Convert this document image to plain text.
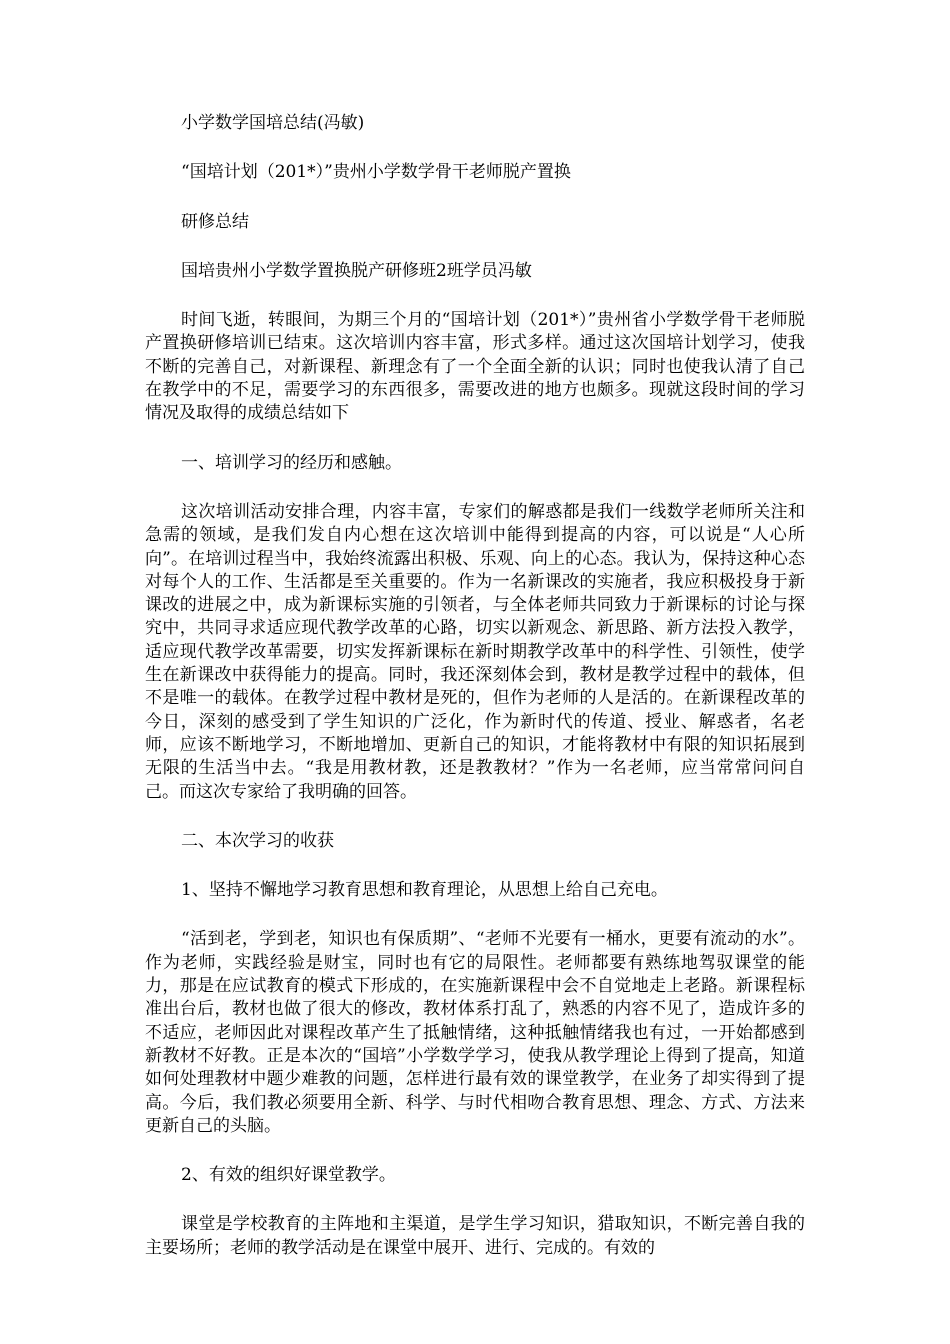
小学数学国培总结(冯敏)

“国培计划（201*）”贵州小学数学骨干老师脱产置换

研修总结

国培贵州小学数学置换脱产研修班2班学员冯敏

时间飞逝，转眼间，为期三个月的“国培计划（201*）”贵州省小学数学骨干老师脱产置换研修培训已结束。这次培训内容丰富，形式多样。通过这次国培计划学习，使我不断的完善自己，对新课程、新理念有了一个全面全新的认识；同时也使我认清了自己在教学中的不足，需要学习的东西很多，需要改进的地方也颇多。现就这段时间的学习情况及取得的成绩总结如下

一、培训学习的经历和感触。

这次培训活动安排合理，内容丰富，专家们的解惑都是我们一线数学老师所关注和急需的领域，是我们发自内心想在这次培训中能得到提高的内容，可以说是“人心所向”。在培训过程当中，我始终流露出积极、乐观、向上的心态。我认为，保持这种心态对每个人的工作、生活都是至关重要的。作为一名新课改的实施者，我应积极投身于新课改的进展之中，成为新课标实施的引领者，与全体老师共同致力于新课标的讨论与探究中，共同寻求适应现代教学改革的心路，切实以新观念、新思路、新方法投入教学，适应现代教学改革需要，切实发挥新课标在新时期教学改革中的科学性、引领性，使学生在新课改中获得能力的提高。同时，我还深刻体会到，教材是教学过程中的载体，但不是唯一的载体。在教学过程中教材是死的，但作为老师的人是活的。在新课程改革的今日，深刻的感受到了学生知识的广泛化，作为新时代的传道、授业、解惑者，名老师，应该不断地学习，不断地增加、更新自己的知识，才能将教材中有限的知识拓展到无限的生活当中去。“我是用教材教，还是教教材？”作为一名老师，应当常常问问自己。而这次专家给了我明确的回答。

二、本次学习的收获

1、坚持不懈地学习教育思想和教育理论，从思想上给自己充电。

“活到老，学到老，知识也有保质期”、“老师不光要有一桶水，更要有流动的水”。作为老师，实践经验是财宝，同时也有它的局限性。老师都要有熟练地驾驭课堂的能力，那是在应试教育的模式下形成的，在实施新课程中会不自觉地走上老路。新课程标准出台后，教材也做了很大的修改，教材体系打乱了，熟悉的内容不见了，造成许多的不适应，老师因此对课程改革产生了抵触情绪，这种抵触情绪我也有过，一开始都感到新教材不好教。正是本次的“国培”小学数学学习，使我从教学理论上得到了提高，知道如何处理教材中题少难教的问题，怎样进行最有效的课堂教学，在业务了却实得到了提高。今后，我们教必须要用全新、科学、与时代相吻合教育思想、理念、方式、方法来更新自己的头脑。

2、有效的组织好课堂教学。

课堂是学校教育的主阵地和主渠道，是学生学习知识，猎取知识，不断完善自我的主要场所；老师的教学活动是在课堂中展开、进行、完成的。有效的
